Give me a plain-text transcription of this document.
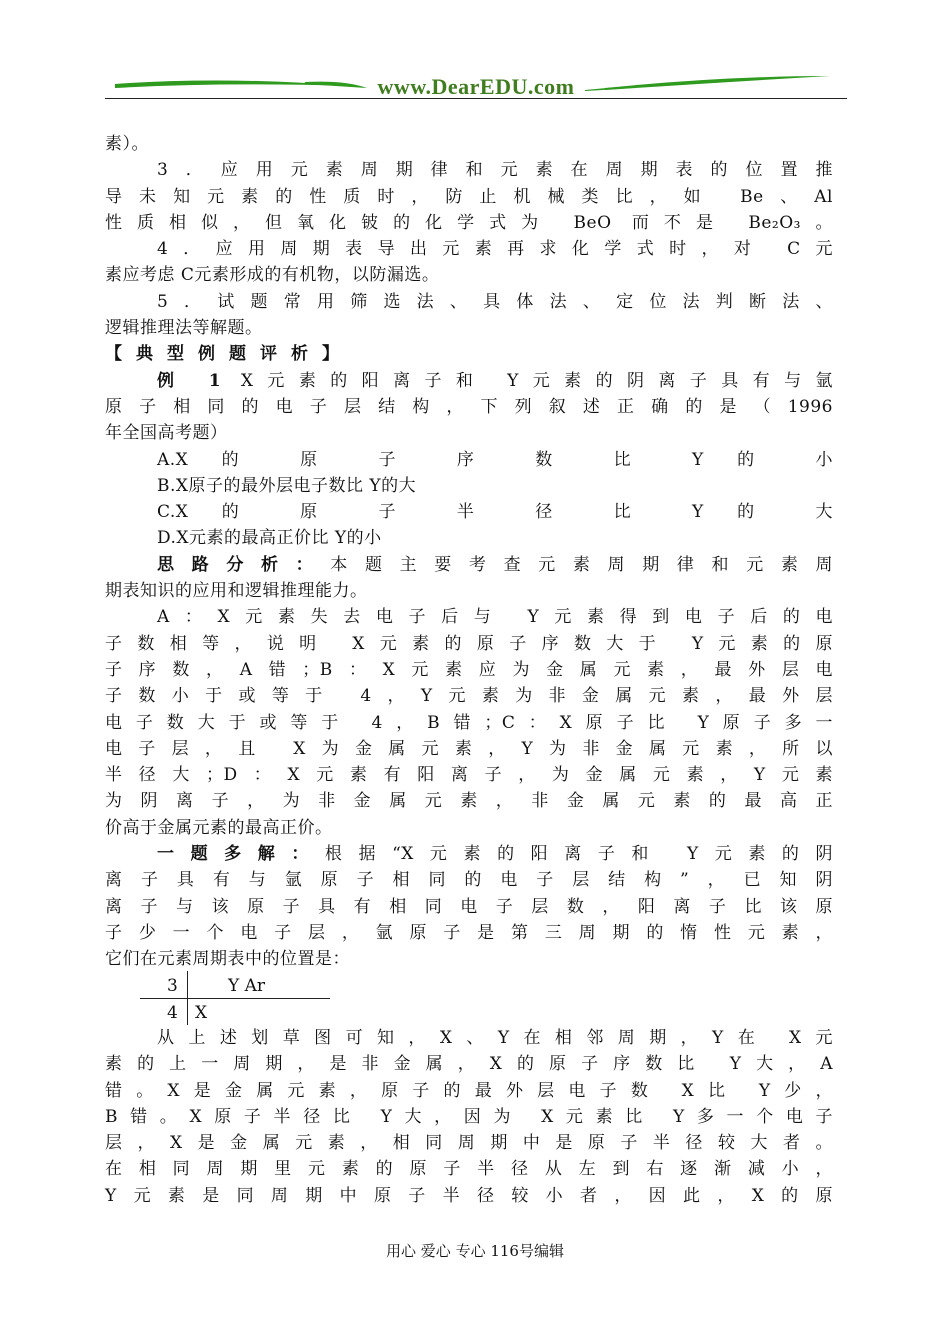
www.DearEDU.com
素）。
3．应用元素周期律和元素在周期表的位置推
导未知元素的性质时，防止机械类比，如 Be、Al
性质相似，但氧化铍的化学式为 BeO 而不是 Be₂O₃。
4．应用周期表导出元素再求化学式时，对 C元
素应考虑 C元素形成的有机物，以防漏选。
5．试题常用筛选法、具体法、定位法判断法、
逻辑推理法等解题。
【典型例题评析】
例 1 X元素的阳离子和 Y元素的阴离子具有与氩
原子相同的电子层结构，下列叙述正确的是（1996
年全国高考题）
A.X 的 原 子 序 数 比 Y 的 小
B.X原子的最外层电子数比 Y的大
C.X 的 原 子 半 径 比 Y 的 大
D.X元素的最高正价比 Y的小
思路分析：本题主要考查元素周期律和元素周
期表知识的应用和逻辑推理能力。
A：X元素失去电子后与 Y元素得到电子后的电
子数相等，说明 X元素的原子序数大于 Y元素的原
子序数，A错；B：X元素应为金属元素，最外层电
子数小于或等于 4，Y元素为非金属元素，最外层
电子数大于或等于 4，B错；C：X原子比 Y原子多一
电子层，且 X为金属元素，Y为非金属元素，所以
半径大；D：X元素有阳离子，为金属元素，Y元素
为阴离子，为非金属元素，非金属元素的最高正
价高于金属元素的最高正价。
一题多解：根据“X元素的阳离子和 Y元素的阴
离子具有与氩原子相同的电子层结构”，已知阴
离子与该原子具有相同电子层数，阳离子比该原
子少一个电子层，氩原子是第三周期的惰性元素，
它们在元素周期表中的位置是：
3	Y Ar
4 X
从上述划草图可知，X、Y在相邻周期，Y在 X元
素的上一周期，是非金属，X的原子序数比 Y大，A
错。X是金属元素，原子的最外层电子数 X比 Y少，
B错。X原子半径比 Y大，因为 X元素比 Y多一个电子
层，X是金属元素，相同周期中是原子半径较大者。
在相同周期里元素的原子半径从左到右逐渐减小，
Y元素是同周期中原子半径较小者，因此，X的原
用心 爱心 专心 116号编辑
